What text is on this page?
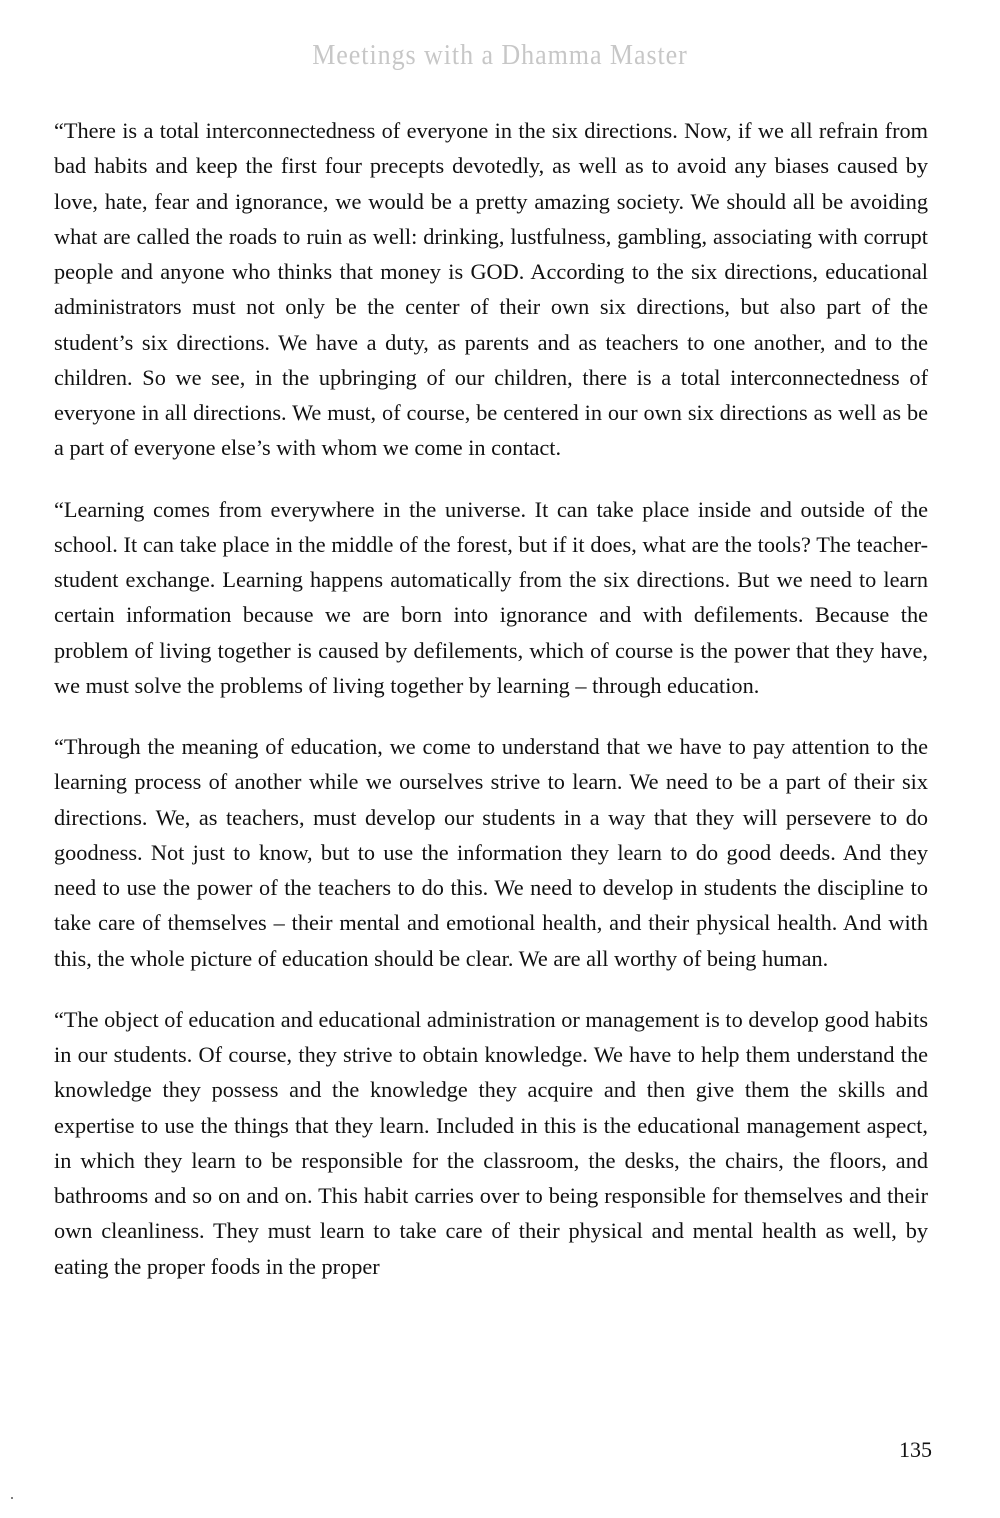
Meetings with a Dhamma Master

“There is a total interconnectedness of everyone in the six directions. Now, if we all refrain from bad habits and keep the first four precepts devotedly, as well as to avoid any biases caused by love, hate, fear and ignorance, we would be a pretty amazing society. We should all be avoiding what are called the roads to ruin as well: drinking, lustfulness, gambling, associating with corrupt people and anyone who thinks that money is GOD. According to the six directions, educational administrators must not only be the center of their own six directions, but also part of the student’s six directions. We have a duty, as parents and as teachers to one another, and to the children. So we see, in the upbringing of our children, there is a total interconnectedness of everyone in all directions. We must, of course, be centered in our own six directions as well as be a part of everyone else’s with whom we come in contact.

“Learning comes from everywhere in the universe. It can take place inside and outside of the school. It can take place in the middle of the forest, but if it does, what are the tools? The teacher-student exchange. Learning happens automatically from the six directions. But we need to learn certain information because we are born into ignorance and with defilements. Because the problem of living together is caused by defilements, which of course is the power that they have, we must solve the problems of living together by learning – through education.

“Through the meaning of education, we come to understand that we have to pay attention to the learning process of another while we ourselves strive to learn. We need to be a part of their six directions. We, as teachers, must develop our students in a way that they will persevere to do goodness. Not just to know, but to use the information they learn to do good deeds. And they need to use the power of the teachers to do this. We need to develop in students the discipline to take care of themselves – their mental and emotional health, and their physical health. And with this, the whole picture of education should be clear. We are all worthy of being human.

“The object of education and educational administration or management is to develop good habits in our students. Of course, they strive to obtain knowledge. We have to help them understand the knowledge they possess and the knowledge they acquire and then give them the skills and expertise to use the things that they learn. Included in this is the educational management aspect, in which they learn to be responsible for the classroom, the desks, the chairs, the floors, and bathrooms and so on and on. This habit carries over to being responsible for themselves and their own cleanliness. They must learn to take care of their physical and mental health as well, by eating the proper foods in the proper

135
